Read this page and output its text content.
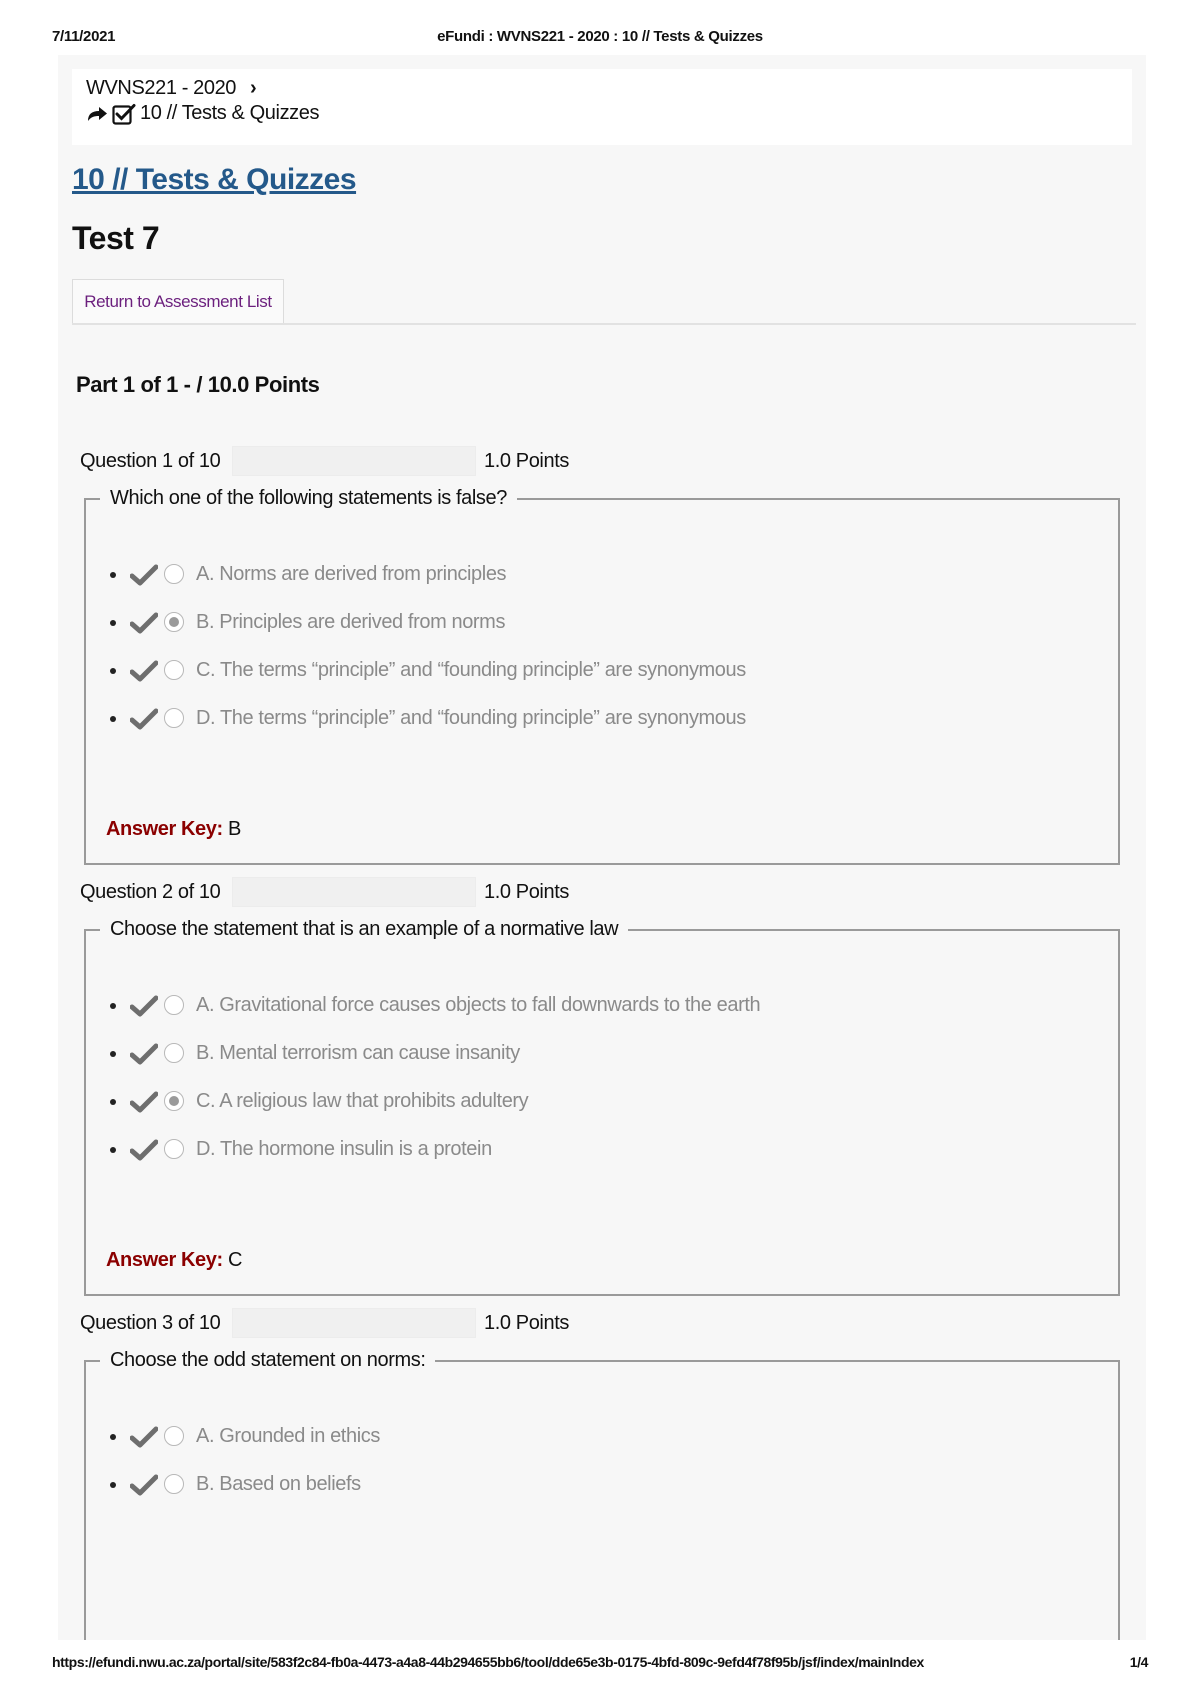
7/11/2021	eFundi : WVNS221 - 2020 : 10 // Tests & Quizzes
WVNS221 - 2020 ›
10 // Tests & Quizzes
10 // Tests & Quizzes
Test 7
Return to Assessment List
Part 1 of 1 - / 10.0 Points
Question 1 of 10	1.0 Points
Which one of the following statements is false?
A. Norms are derived from principles
B. Principles are derived from norms
C. The terms “principle” and “founding principle” are synonymous
D. The terms “principle” and “founding principle” are synonymous
Answer Key: B
Question 2 of 10	1.0 Points
Choose the statement that is an example of a normative law
A. Gravitational force causes objects to fall downwards to the earth
B. Mental terrorism can cause insanity
C. A religious law that prohibits adultery
D. The hormone insulin is a protein
Answer Key: C
Question 3 of 10	1.0 Points
Choose the odd statement on norms:
A. Grounded in ethics
B. Based on beliefs
https://efundi.nwu.ac.za/portal/site/583f2c84-fb0a-4473-a4a8-44b294655bb6/tool/dde65e3b-0175-4bfd-809c-9efd4f78f95b/jsf/index/mainIndex	1/4
